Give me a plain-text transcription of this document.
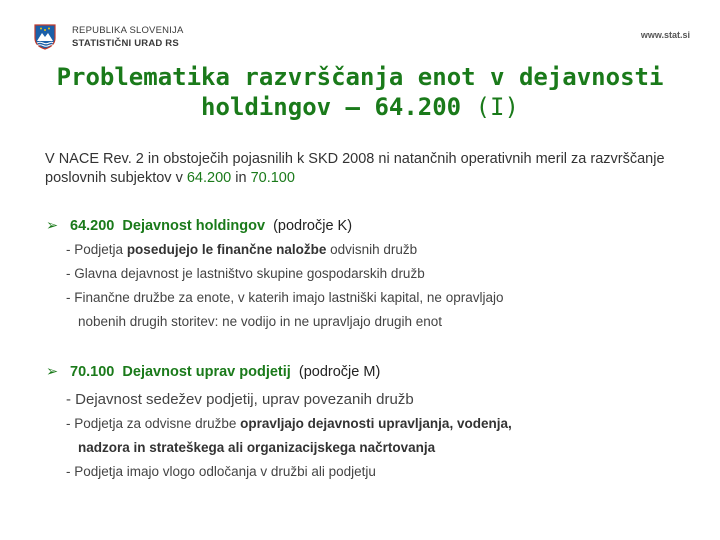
REPUBLIKA SLOVENIJA
STATISTIČNI URAD RS
www.stat.si
Problematika razvrščanja enot v dejavnosti
holdingov – 64.200 (I)
V NACE Rev. 2 in obstoječih pojasnilih k SKD 2008 ni natančnih operativnih meril za razvrščanje poslovnih subjektov v 64.200 in 70.100
➢ 64.200 Dejavnost holdingov (področje K)
- Podjetja posedujejo le finančne naložbe odvisnih družb
- Glavna dejavnost je lastništvo skupine gospodarskih družb
- Finančne družbe za enote, v katerih imajo lastniški kapital, ne opravljajo
nobenih drugih storitev: ne vodijo in ne upravljajo drugih enot
➢ 70.100 Dejavnost uprav podjetij (področje M)
- Dejavnost sedežev podjetij, uprav povezanih družb
- Podjetja za odvisne družbe opravljajo dejavnosti upravljanja, vodenja,
nadzora in strateškega ali organizacijskega načrtovanja
- Podjetja imajo vlogo odločanja v družbi ali podjetju
